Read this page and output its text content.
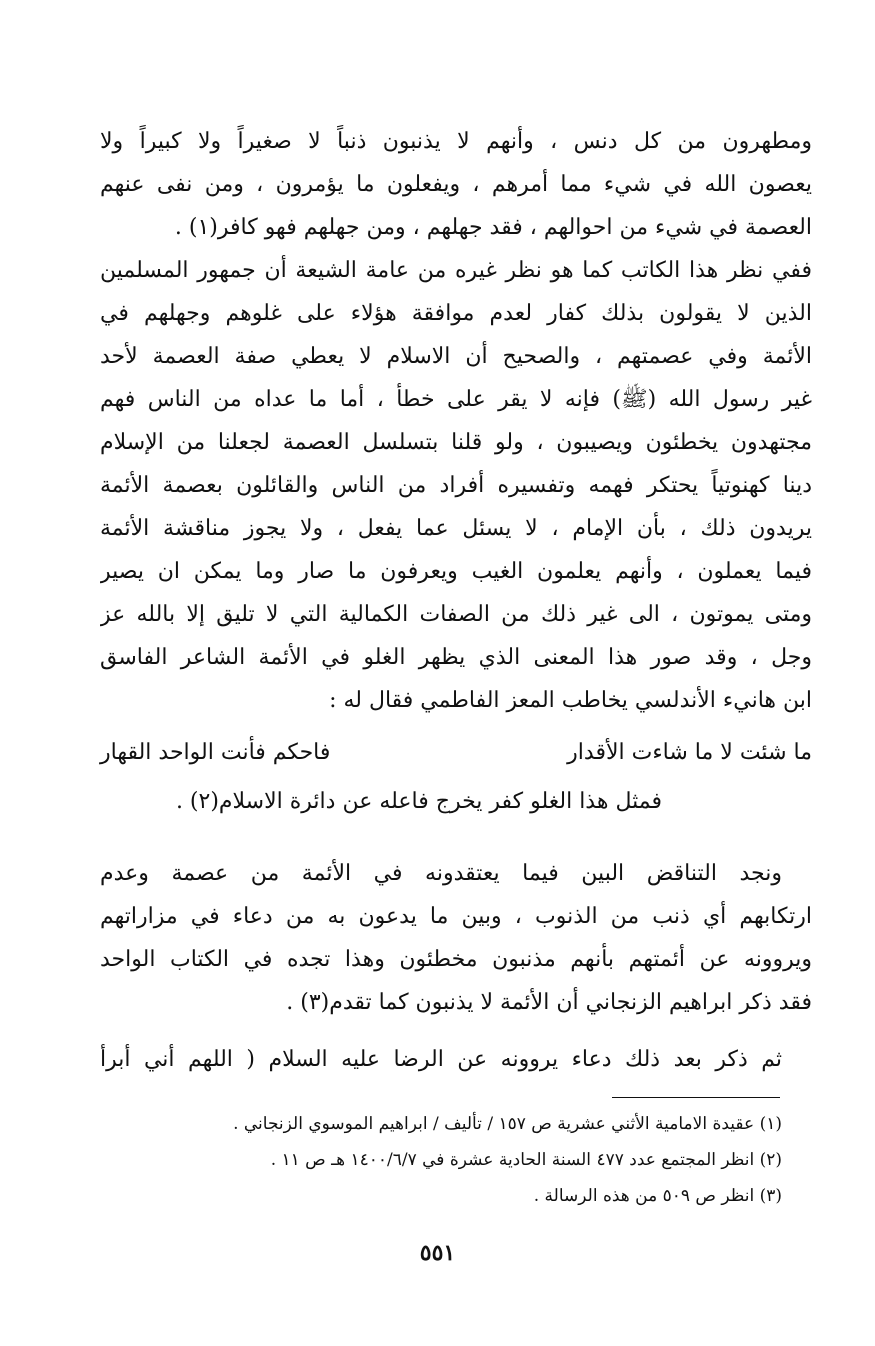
ومطهرون من كل دنس ، وأنهم لا يذنبون ذنباً لا صغيراً ولا كبيراً ولا
يعصون الله في شيء مما أمرهم ، ويفعلون ما يؤمرون ، ومن نفى عنهم
العصمة في شيء من احوالهم ، فقد جهلهم ، ومن جهلهم فهو كافر(١) .
ففي نظر هذا الكاتب كما هو نظر غيره من عامة الشيعة أن جمهور المسلمين
الذين لا يقولون بذلك كفار لعدم موافقة هؤلاء على غلوهم وجهلهم في
الأئمة وفي عصمتهم ، والصحيح أن الاسلام لا يعطي صفة العصمة لأحد
غير رسول الله (ﷺ) فإنه لا يقر على خطأ ، أما ما عداه من الناس فهم
مجتهدون يخطئون ويصيبون ، ولو قلنا بتسلسل العصمة لجعلنا من الإسلام
دينا كهنوتياً يحتكر فهمه وتفسيره أفراد من الناس والقائلون بعصمة الأئمة
يريدون ذلك ، بأن الإمام ، لا يسئل عما يفعل ، ولا يجوز مناقشة الأئمة
فيما يعملون ، وأنهم يعلمون الغيب ويعرفون ما صار وما يمكن ان يصير
ومتى يموتون ، الى غير ذلك من الصفات الكمالية التي لا تليق إلا بالله عز
وجل ، وقد صور هذا المعنى الذي يظهر الغلو في الأئمة الشاعر الفاسق
ابن هانيء الأندلسي يخاطب المعز الفاطمي فقال له :
ما شئت لا ما شاءت الأقدار
فاحكم فأنت الواحد القهار
فمثل هذا الغلو كفر يخرج فاعله عن دائرة الاسلام(٢) .
ونجد التناقض البين فيما يعتقدونه في الأئمة من عصمة وعدم
ارتكابهم أي ذنب من الذنوب ، وبين ما يدعون به من دعاء في مزاراتهم
ويروونه عن أئمتهم بأنهم مذنبون مخطئون وهذا تجده في الكتاب الواحد
فقد ذكر ابراهيم الزنجاني أن الأئمة لا يذنبون كما تقدم(٣) .
ثم ذكر بعد ذلك دعاء يروونه عن الرضا عليه السلام ( اللهم أني أبرأ
(١) عقيدة الامامية الأثني عشرية ص ١٥٧ / تأليف / ابراهيم الموسوي الزنجاني .
(٢) انظر المجتمع عدد ٤٧٧ السنة الحادية عشرة في ١٤٠٠/٦/٧ هـ ص ١١ .
(٣) انظر ص ٥٠٩ من هذه الرسالة .
٥٥١
